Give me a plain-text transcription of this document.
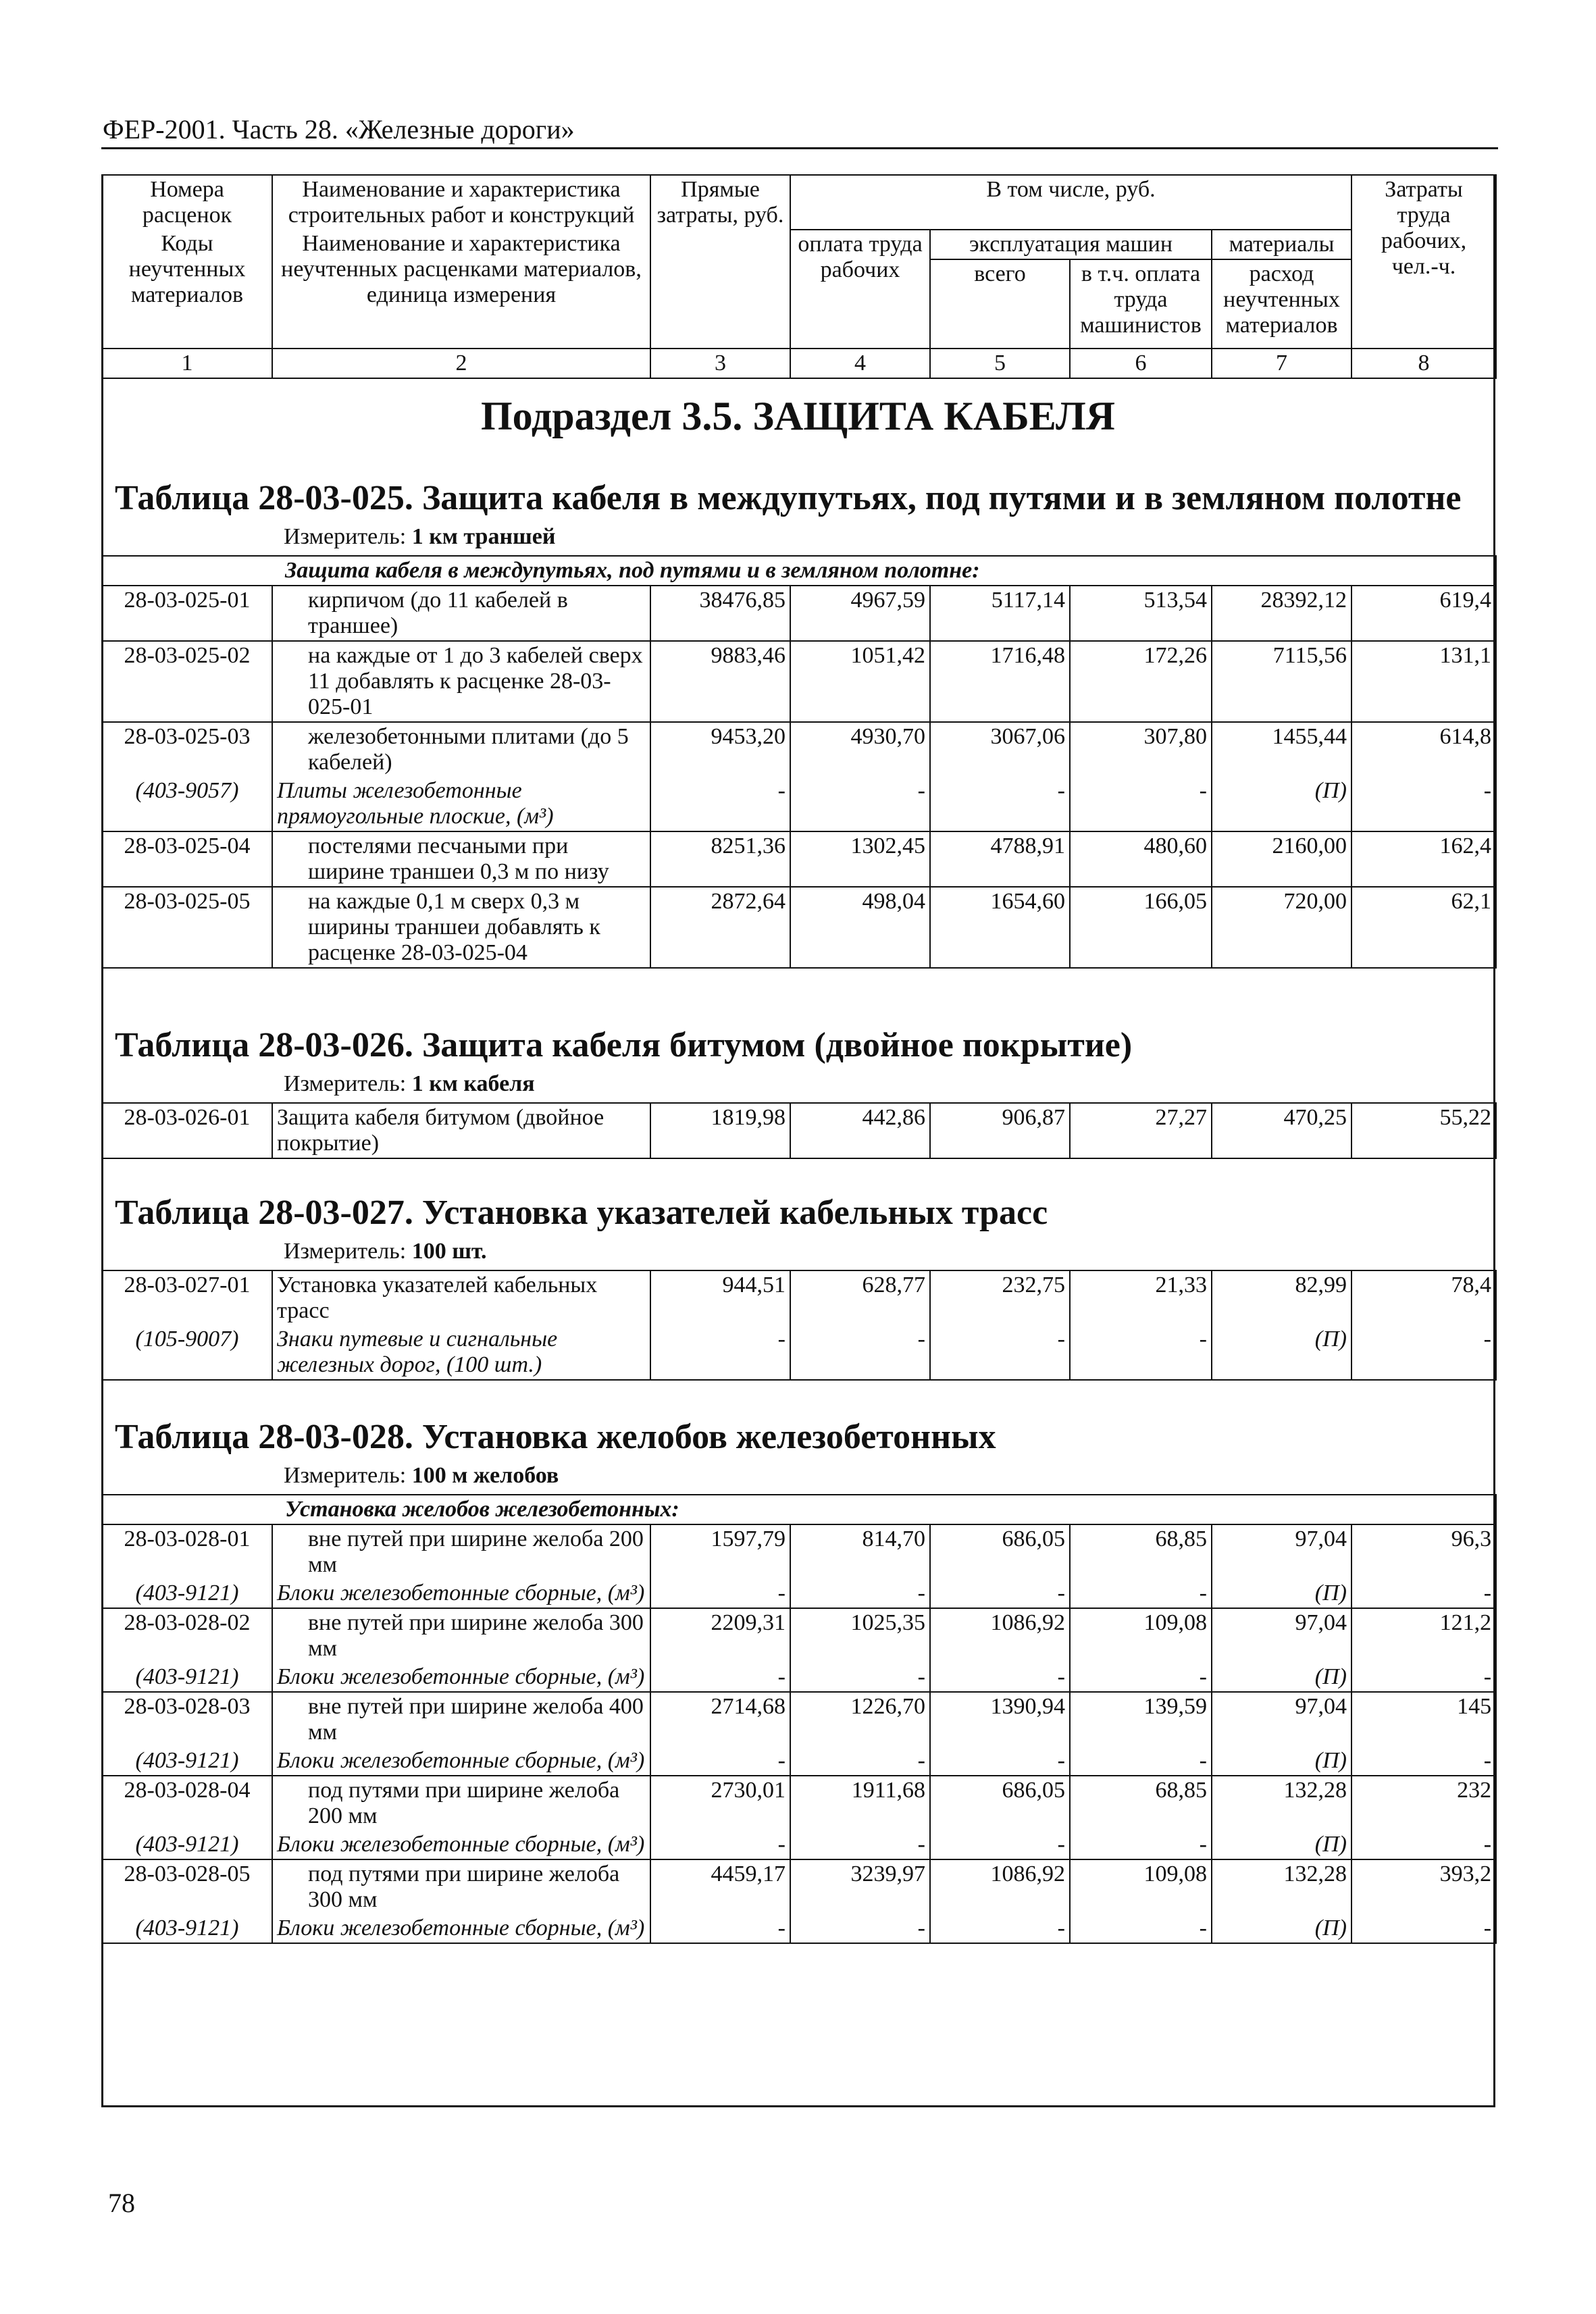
ФЕР-2001. Часть 28. «Железные дороги»
Номера расценок	Наименование и характеристика строительных работ и конструкций	Прямые затраты, руб.	В том числе, руб.				Затраты труда рабочих, чел.-ч.
Коды неучтенных материалов	Наименование и характеристика неучтенных расценками материалов, единица измерения		оплата труда рабочих	эксплуатация машин		материалы	
				всего	в т.ч. оплата труда машинистов	расход неучтенных материалов	
1	2	3	4	5	6	7	8
Подраздел 3.5. ЗАЩИТА КАБЕЛЯ
Таблица 28-03-025. Защита кабеля в междупутьях, под путями и в земляном полотне
Измеритель: 1 км траншей
Защита кабеля в междупутьях, под путями и в земляном полотне:							
28-03-025-01	кирпичом (до 11 кабелей в траншее)	38476,85	4967,59	5117,14	513,54	28392,12	619,4
28-03-025-02	на каждые от 1 до 3 кабелей сверх 11 добавлять к расценке 28-03-025-01	9883,46	1051,42	1716,48	172,26	7115,56	131,1
28-03-025-03	железобетонными плитами (до 5 кабелей)	9453,20	4930,70	3067,06	307,80	1455,44	614,8
(403-9057)	Плиты железобетонные прямоугольные плоские, (м³)	-	-	-	-	(П)	-
28-03-025-04	постелями песчаными при ширине траншеи 0,3 м по низу	8251,36	1302,45	4788,91	480,60	2160,00	162,4
28-03-025-05	на каждые 0,1 м сверх 0,3 м ширины траншеи добавлять к расценке 28-03-025-04	2872,64	498,04	1654,60	166,05	720,00	62,1
Таблица 28-03-026. Защита кабеля битумом (двойное покрытие)
Измеритель: 1 км кабеля
28-03-026-01	Защита кабеля битумом (двойное покрытие)	1819,98	442,86	906,87	27,27	470,25	55,22
Таблица 28-03-027. Установка указателей кабельных трасс
Измеритель: 100 шт.
28-03-027-01	Установка указателей кабельных трасс	944,51	628,77	232,75	21,33	82,99	78,4
(105-9007)	Знаки путевые и сигнальные железных дорог, (100 шт.)	-	-	-	-	(П)	-
Таблица 28-03-028. Установка желобов железобетонных
Измеритель: 100 м желобов
Установка желобов железобетонных:							
28-03-028-01	вне путей при ширине желоба 200 мм	1597,79	814,70	686,05	68,85	97,04	96,3
(403-9121)	Блоки железобетонные сборные, (м³)	-	-	-	-	(П)	-
28-03-028-02	вне путей при ширине желоба 300 мм	2209,31	1025,35	1086,92	109,08	97,04	121,2
(403-9121)	Блоки железобетонные сборные, (м³)	-	-	-	-	(П)	-
28-03-028-03	вне путей при ширине желоба 400 мм	2714,68	1226,70	1390,94	139,59	97,04	145
(403-9121)	Блоки железобетонные сборные, (м³)	-	-	-	-	(П)	-
28-03-028-04	под путями при ширине желоба 200 мм	2730,01	1911,68	686,05	68,85	132,28	232
(403-9121)	Блоки железобетонные сборные, (м³)	-	-	-	-	(П)	-
28-03-028-05	под путями при ширине желоба 300 мм	4459,17	3239,97	1086,92	109,08	132,28	393,2
(403-9121)	Блоки железобетонные сборные, (м³)	-	-	-	-	(П)	-
78
